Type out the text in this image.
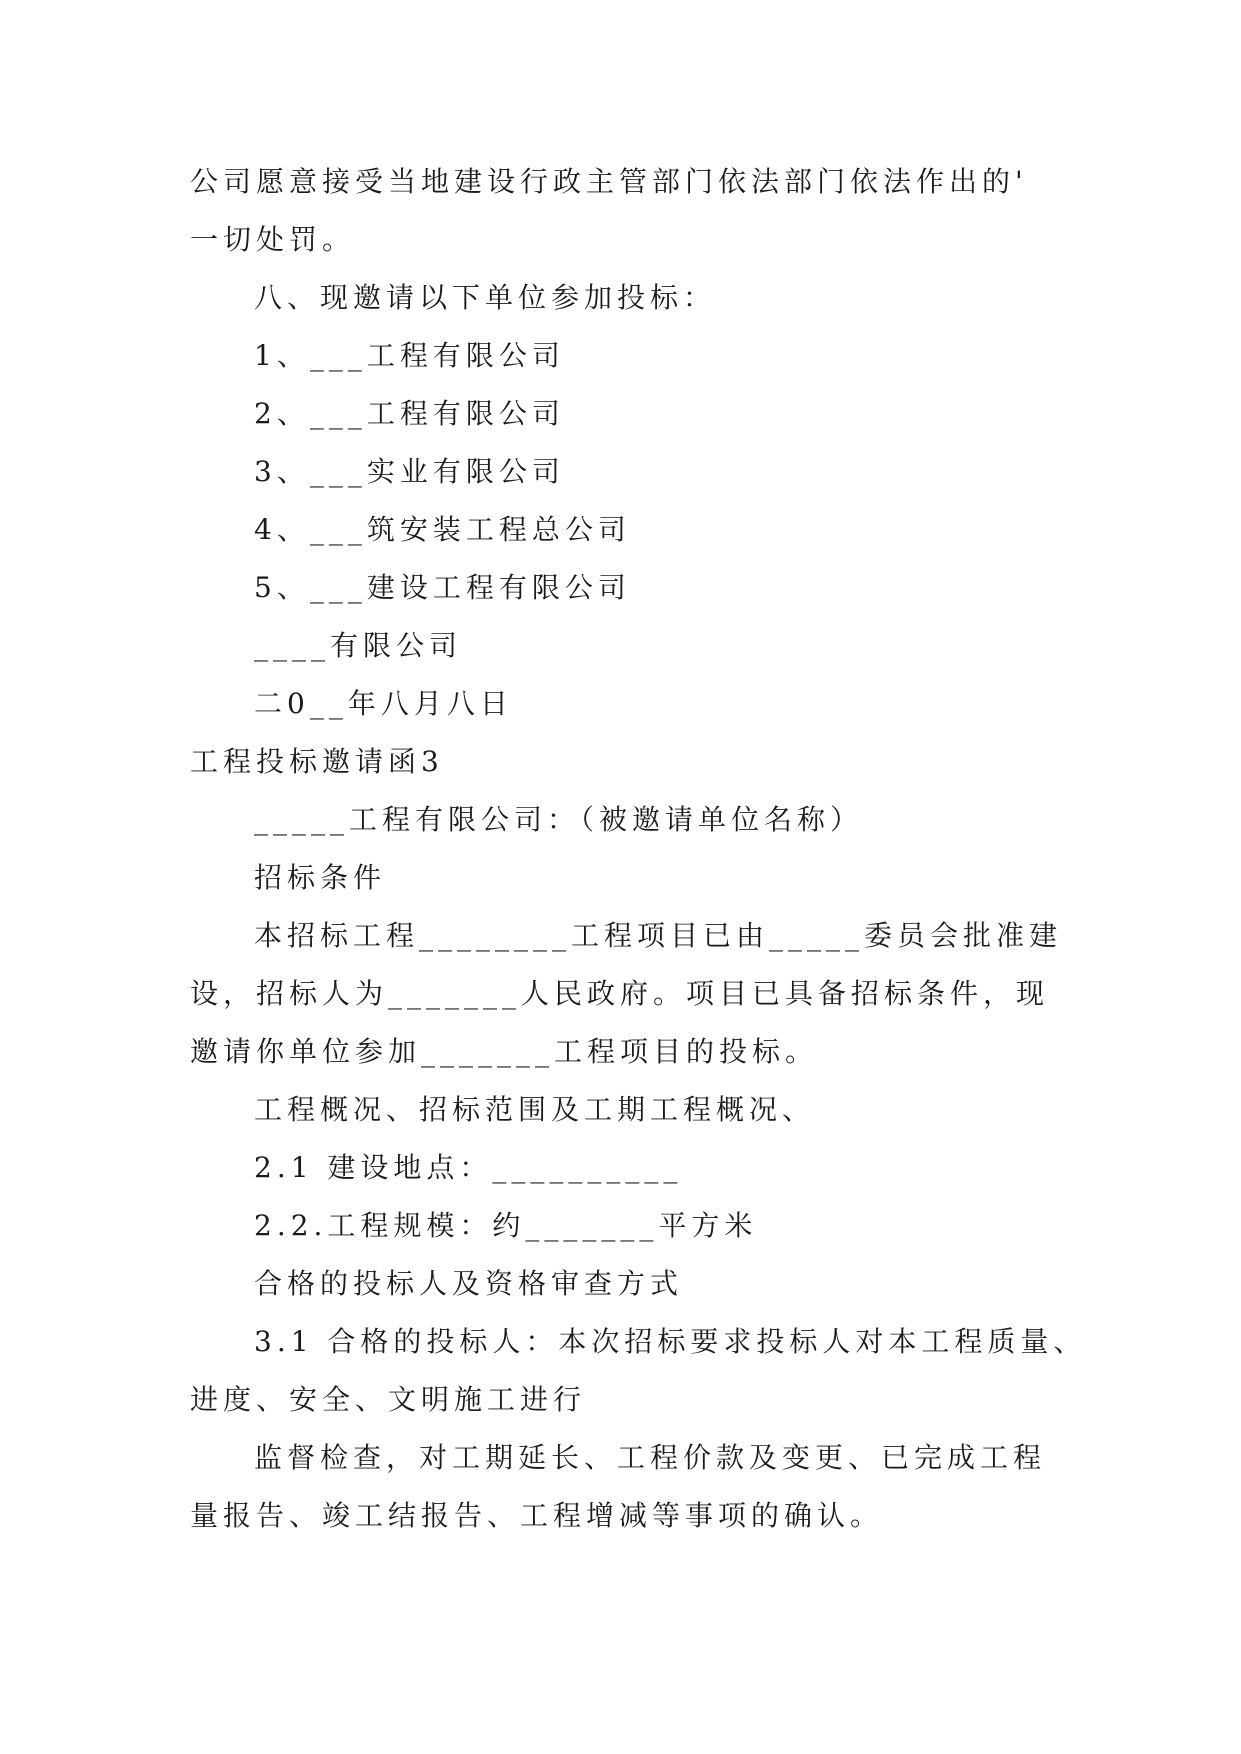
公司愿意接受当地建设行政主管部门依法部门依法作出的'
一切处罚。
八、现邀请以下单位参加投标：
1、___工程有限公司
2、___工程有限公司
3、___实业有限公司
4、___筑安装工程总公司
5、___建设工程有限公司
____有限公司
二0__年八月八日
工程投标邀请函3
_____工程有限公司：（被邀请单位名称）
招标条件
本招标工程________工程项目已由_____委员会批准建
设，招标人为_______人民政府。项目已具备招标条件，现
邀请你单位参加_______工程项目的投标。
工程概况、招标范围及工期工程概况、
2.1 建设地点：__________
2.2.工程规模：约_______平方米
合格的投标人及资格审查方式
3.1 合格的投标人：本次招标要求投标人对本工程质量、
进度、安全、文明施工进行
监督检查，对工期延长、工程价款及变更、已完成工程
量报告、竣工结报告、工程增减等事项的确认。
